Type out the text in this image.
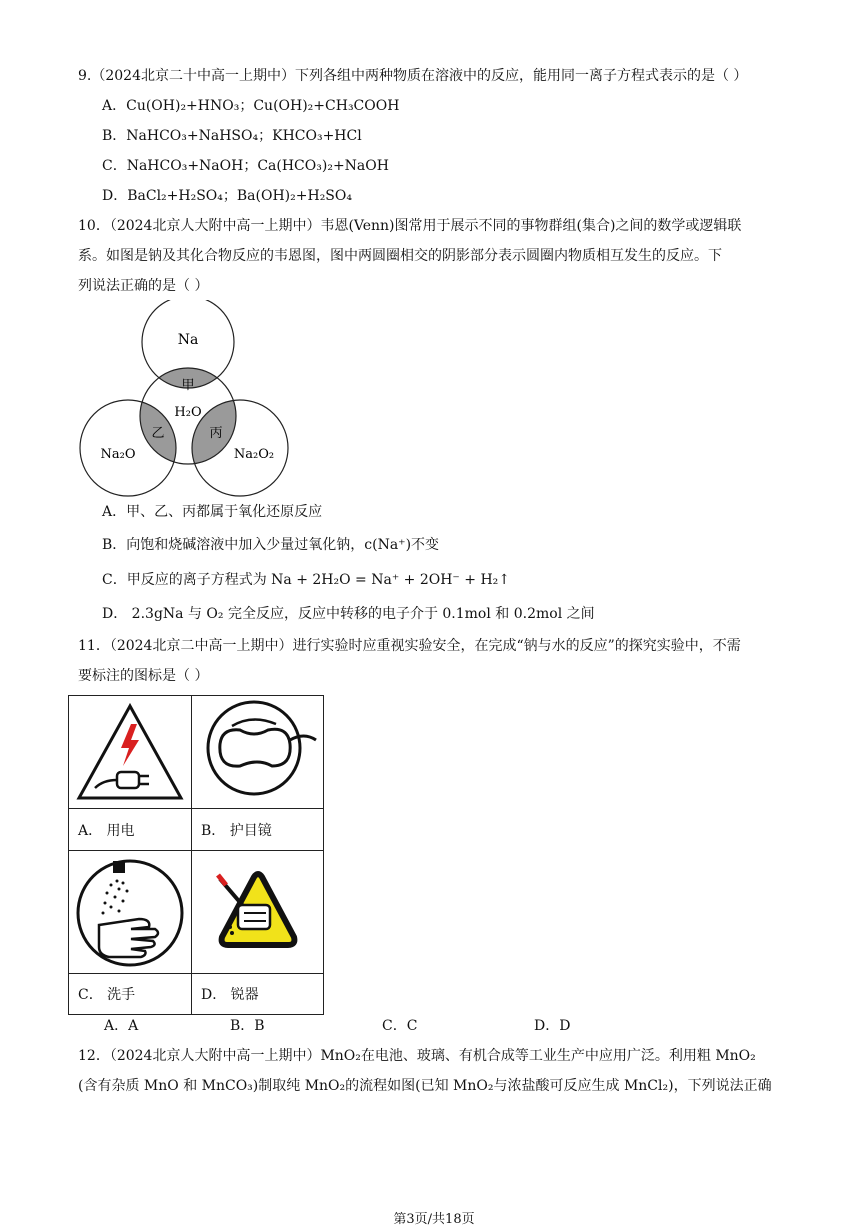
9.（2024北京二十中高一上期中）下列各组中两种物质在溶液中的反应，能用同一离子方程式表示的是（ ）
A．Cu(OH)₂+HNO₃；Cu(OH)₂+CH₃COOH
B．NaHCO₃+NaHSO₄；KHCO₃+HCl
C．NaHCO₃+NaOH；Ca(HCO₃)₂+NaOH
D．BaCl₂+H₂SO₄；Ba(OH)₂+H₂SO₄
10．（2024北京人大附中高一上期中）韦恩(Venn)图常用于展示不同的事物群组(集合)之间的数学或逻辑联
系。如图是钠及其化合物反应的韦恩图，图中两圆圈相交的阴影部分表示圆圈内物质相互发生的反应。下
列说法正确的是（ ）
Na
甲
H₂O
乙	丙
Na₂O	Na₂O₂
A．甲、乙、丙都属于氧化还原反应
B．向饱和烧碱溶液中加入少量过氧化钠，c(Na⁺)不变
C．甲反应的离子方程式为 Na + 2H₂O = Na⁺ + 2OH⁻ + H₂↑
D． 2.3gNa 与 O₂ 完全反应，反应中转移的电子介于 0.1mol 和 0.2mol 之间
11．（2024北京二中高一上期中）进行实验时应重视实验安全，在完成“钠与水的反应”的探究实验中，不需
要标注的图标是（ ）
A． 用电	B． 护目镜
C． 洗手	D． 锐器
A．A	B．B	C．C	D．D
12．（2024北京人大附中高一上期中）MnO₂在电池、玻璃、有机合成等工业生产中应用广泛。利用粗 MnO₂
(含有杂质 MnO 和 MnCO₃)制取纯 MnO₂的流程如图(已知 MnO₂与浓盐酸可反应生成 MnCl₂)，下列说法正确
第3页/共18页
